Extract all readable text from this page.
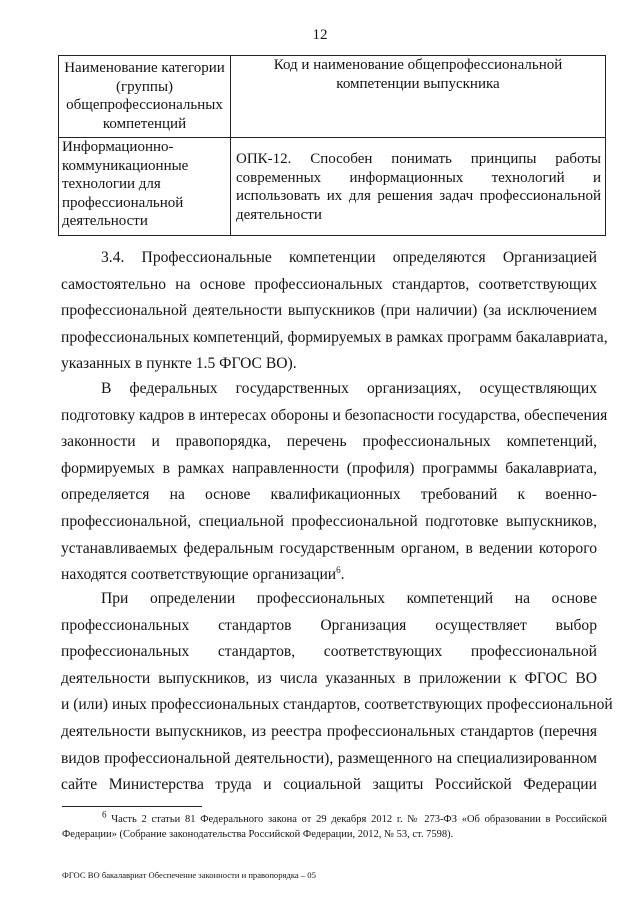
12
Наименование категории (группы) общепрофессиональных компетенций	Код и наименование общепрофессиональной компетенции выпускника
Информационно-коммуникационные технологии для профессиональной деятельности	ОПК-12. Способен понимать принципы работы современных информационных технологий и использовать их для решения задач профессиональной деятельности
3.4. Профессиональные компетенции определяются Организацией
самостоятельно на основе профессиональных стандартов, соответствующих
профессиональной деятельности выпускников (при наличии) (за исключением
профессиональных компетенций, формируемых в рамках программ бакалавриата,
указанных в пункте 1.5 ФГОС ВО).
В федеральных государственных организациях, осуществляющих
подготовку кадров в интересах обороны и безопасности государства, обеспечения
законности и правопорядка, перечень профессиональных компетенций,
формируемых в рамках направленности (профиля) программы бакалавриата,
определяется на основе квалификационных требований к военно-
профессиональной, специальной профессиональной подготовке выпускников,
устанавливаемых федеральным государственным органом, в ведении которого
находятся соответствующие организации$^6$.
При определении профессиональных компетенций на основе
профессиональных стандартов Организация осуществляет выбор
профессиональных стандартов, соответствующих профессиональной
деятельности выпускников, из числа указанных в приложении к ФГОС ВО
и (или) иных профессиональных стандартов, соответствующих профессиональной
деятельности выпускников, из реестра профессиональных стандартов (перечня
видов профессиональной деятельности), размещенного на специализированном
сайте Министерства труда и социальной защиты Российской Федерации
$^6$ Часть 2 статьи 81 Федерального закона от 29 декабря 2012 г. № 273-ФЗ «Об образовании в Российской
Федерации» (Собрание законодательства Российской Федерации, 2012, № 53, ст. 7598).
ФГОС ВО бакалавриат Обеспечение законности и правопорядка – 05
